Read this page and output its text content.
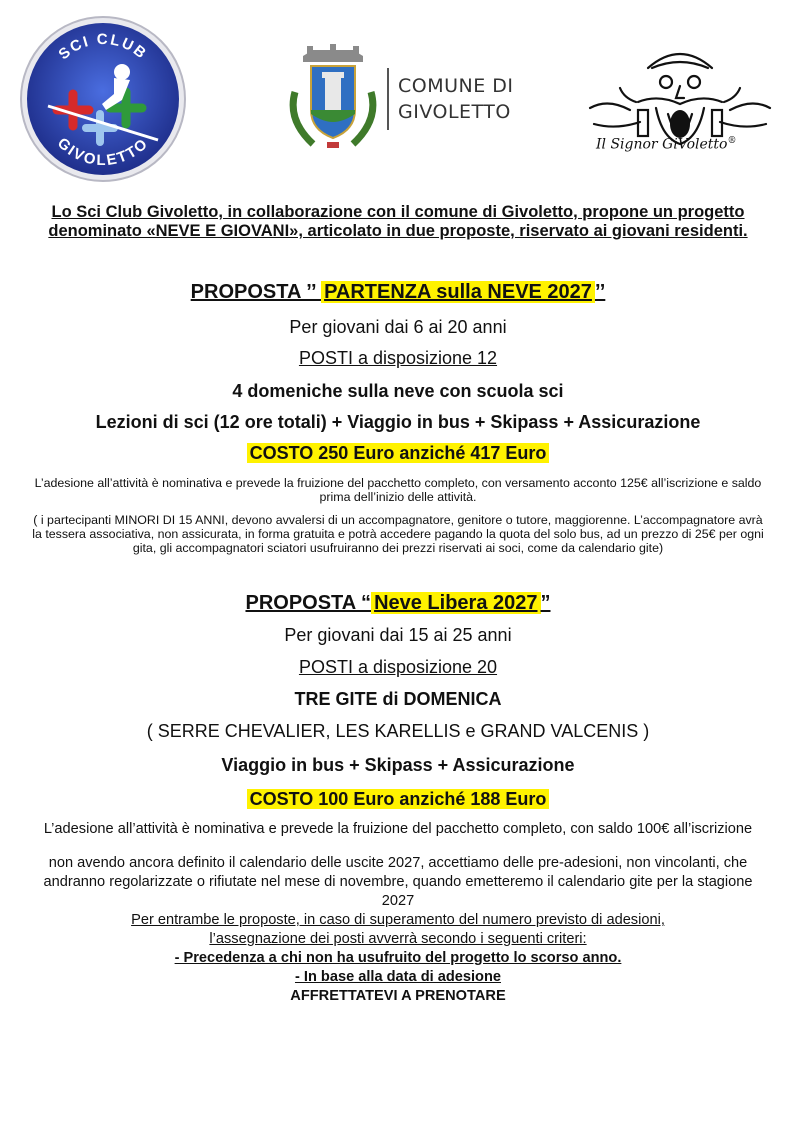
SCI CLUB
GIVOLETTO
COMUNE DI
GIVOLETTO
Il Signor GiVoletto®

Lo Sci Club Givoletto, in collaborazione con il comune di Givoletto, propone un progetto denominato «NEVE E GIOVANI», articolato in due proposte, riservato ai giovani residenti.

PROPOSTA ’’ PARTENZA sulla NEVE 2027 ’’
Per giovani dai 6 ai 20 anni
POSTI a disposizione 12
4 domeniche sulla neve con scuola sci
Lezioni di sci (12 ore totali) + Viaggio in bus + Skipass + Assicurazione
COSTO 250 Euro anziché 417 Euro

L’adesione all’attività è nominativa e prevede la fruizione del pacchetto completo, con versamento acconto 125€ all’iscrizione e saldo prima dell’inizio delle attività.

( i partecipanti MINORI DI 15 ANNI, devono avvalersi di un accompagnatore, genitore o tutore, maggiorenne. L’accompagnatore avrà la tessera associativa, non assicurata, in forma gratuita e potrà accedere pagando la quota del solo bus, ad un prezzo di 25€ per ogni gita, gli accompagnatori sciatori usufruiranno dei prezzi riservati ai soci, come da calendario gite)

PROPOSTA “ Neve Libera 2027 ”
Per giovani dai 15 ai 25 anni
POSTI a disposizione 20
TRE GITE di DOMENICA
( SERRE CHEVALIER, LES KARELLIS e GRAND VALCENIS )
Viaggio in bus + Skipass + Assicurazione
COSTO 100 Euro anziché 188 Euro

L’adesione all’attività è nominativa e prevede la fruizione del pacchetto completo, con saldo 100€ all’iscrizione

non avendo ancora definito il calendario delle uscite 2027, accettiamo delle pre-adesioni, non vincolanti, che andranno regolarizzate o rifiutate nel mese di novembre, quando emetteremo il calendario gite per la stagione 2027

Per entrambe le proposte, in caso di superamento del numero previsto di adesioni,

l’assegnazione dei posti avverrà secondo i seguenti criteri:

- Precedenza a chi non ha usufruito del progetto lo scorso anno.

- In base alla data di adesione

AFFRETTATEVI A PRENOTARE
